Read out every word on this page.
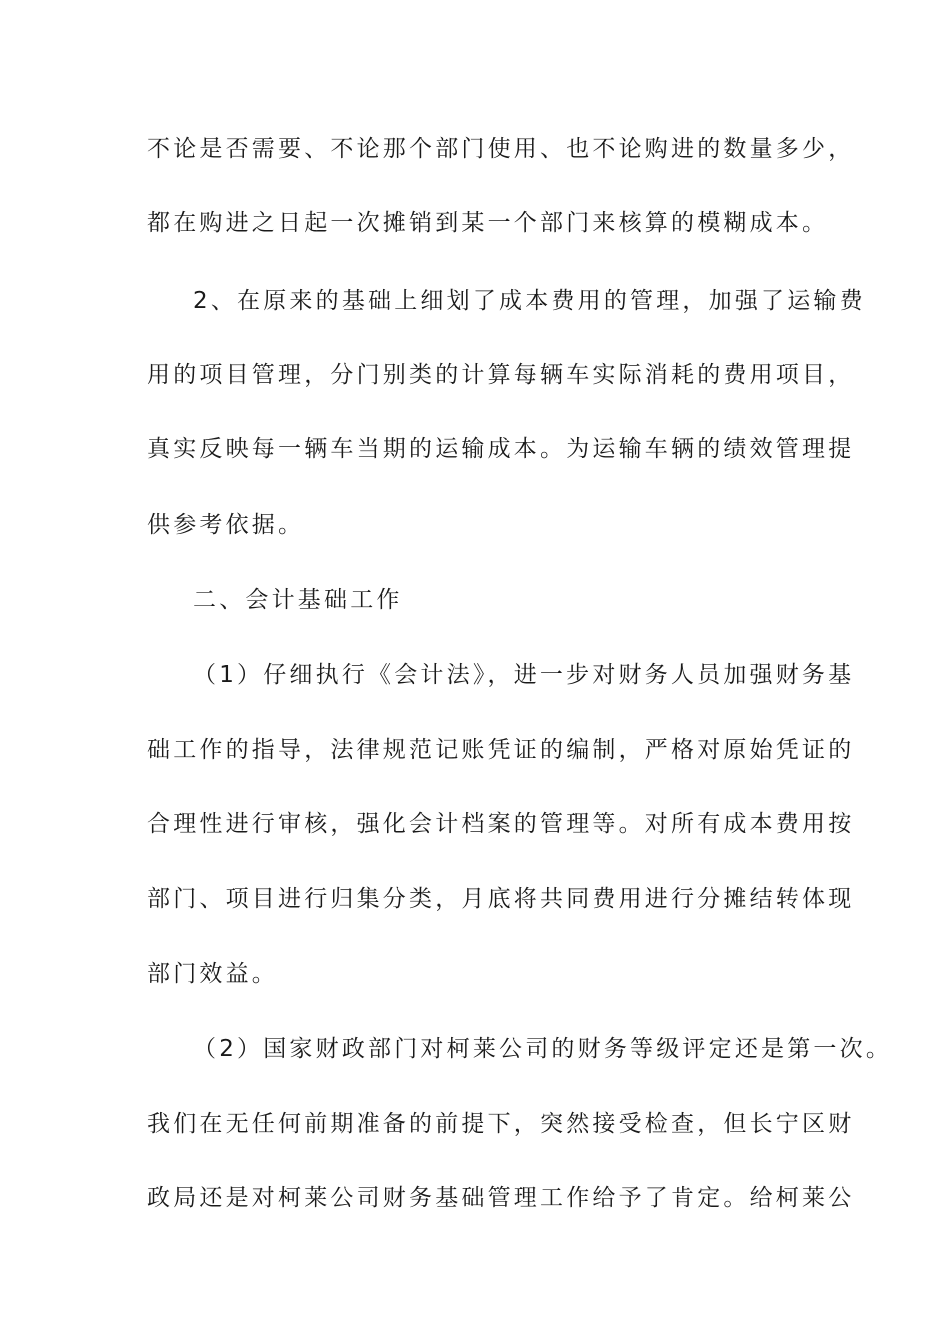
不论是否需要、不论那个部门使用、也不论购进的数量多少，
都在购进之日起一次摊销到某一个部门来核算的模糊成本。
2、在原来的基础上细划了成本费用的管理，加强了运输费
用的项目管理，分门别类的计算每辆车实际消耗的费用项目，
真实反映每一辆车当期的运输成本。为运输车辆的绩效管理提
供参考依据。
二、会计基础工作
（1）仔细执行《会计法》，进一步对财务人员加强财务基
础工作的指导，法律规范记账凭证的编制，严格对原始凭证的
合理性进行审核，强化会计档案的管理等。对所有成本费用按
部门、项目进行归集分类，月底将共同费用进行分摊结转体现
部门效益。
（2）国家财政部门对柯莱公司的财务等级评定还是第一次。
我们在无任何前期准备的前提下，突然接受检查，但长宁区财
政局还是对柯莱公司财务基础管理工作给予了肯定。给柯莱公
